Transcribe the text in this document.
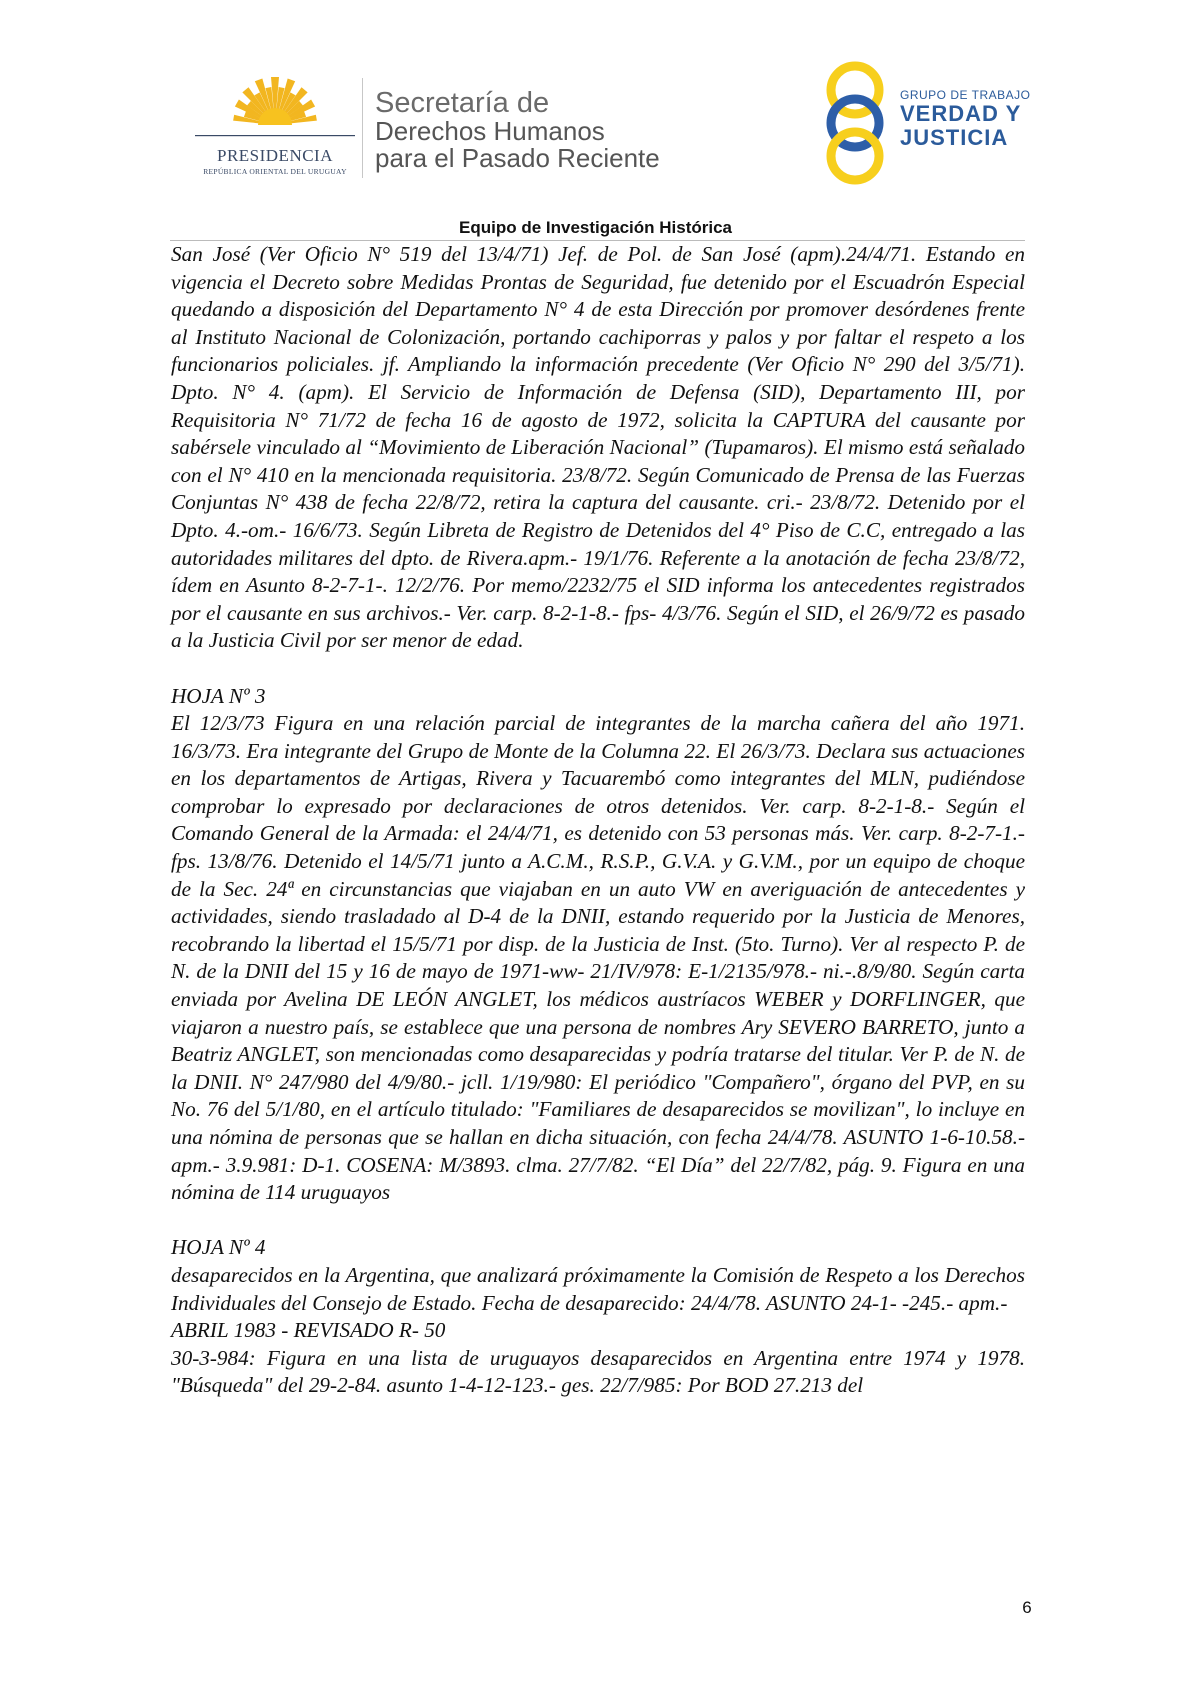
PRESIDENCIA
REPÚBLICA ORIENTAL DEL URUGUAY
Secretaría de
Derechos Humanos
para el Pasado Reciente
GRUPO DE TRABAJO
VERDAD Y
JUSTICIA
Equipo de Investigación Histórica

San José (Ver Oficio N° 519 del 13/4/71) Jef. de Pol. de San José (apm).24/4/71. Estando en vigencia el Decreto sobre Medidas Prontas de Seguridad, fue detenido por el Escuadrón Especial quedando a disposición del Departamento N° 4 de esta Dirección por promover desórdenes frente al Instituto Nacional de Colonización, portando cachiporras y palos y por faltar el respeto a los funcionarios policiales. jf. Ampliando la información precedente (Ver Oficio N° 290 del 3/5/71). Dpto. N° 4. (apm). El Servicio de Información de Defensa (SID), Departamento III, por Requisitoria N° 71/72 de fecha 16 de agosto de 1972, solicita la CAPTURA del causante por sabérsele vinculado al “Movimiento de Liberación Nacional” (Tupamaros). El mismo está señalado con el N° 410 en la mencionada requisitoria. 23/8/72. Según Comunicado de Prensa de las Fuerzas Conjuntas N° 438 de fecha 22/8/72, retira la captura del causante. cri.- 23/8/72. Detenido por el Dpto. 4.-om.- 16/6/73. Según Libreta de Registro de Detenidos del 4° Piso de C.C, entregado a las autoridades militares del dpto. de Rivera.apm.- 19/1/76. Referente a la anotación de fecha 23/8/72, ídem en Asunto 8-2-7-1-. 12/2/76. Por memo/2232/75 el SID informa los antecedentes registrados por el causante en sus archivos.- Ver. carp. 8-2-1-8.- fps- 4/3/76. Según el SID, el 26/9/72 es pasado a la Justicia Civil por ser menor de edad.

HOJA Nº 3

El 12/3/73 Figura en una relación parcial de integrantes de la marcha cañera del año 1971. 16/3/73. Era integrante del Grupo de Monte de la Columna 22. El 26/3/73. Declara sus actuaciones en los departamentos de Artigas, Rivera y Tacuarembó como integrantes del MLN, pudiéndose comprobar lo expresado por declaraciones de otros detenidos. Ver. carp. 8-2-1-8.- Según el Comando General de la Armada: el 24/4/71, es detenido con 53 personas más. Ver. carp. 8-2-7-1.- fps. 13/8/76. Detenido el 14/5/71 junto a A.C.M., R.S.P., G.V.A. y G.V.M., por un equipo de choque de la Sec. 24ª en circunstancias que viajaban en un auto VW en averiguación de antecedentes y actividades, siendo trasladado al D-4 de la DNII, estando requerido por la Justicia de Menores, recobrando la libertad el 15/5/71 por disp. de la Justicia de Inst. (5to. Turno). Ver al respecto P. de N. de la DNII del 15 y 16 de mayo de 1971-ww- 21/IV/978: E-1/2135/978.- ni.-.8/9/80. Según carta enviada por Avelina DE LEÓN ANGLET, los médicos austríacos WEBER y DORFLINGER, que viajaron a nuestro país, se establece que una persona de nombres Ary SEVERO BARRETO, junto a Beatriz ANGLET, son mencionadas como desaparecidas y podría tratarse del titular. Ver P. de N. de la DNII. N° 247/980 del 4/9/80.- jcll. 1/19/980: El periódico "Compañero", órgano del PVP, en su No. 76 del 5/1/80, en el artículo titulado: "Familiares de desaparecidos se movilizan", lo incluye en una nómina de personas que se hallan en dicha situación, con fecha 24/4/78. ASUNTO 1-6-10.58.- apm.- 3.9.981: D-1. COSENA: M/3893. clma. 27/7/82. “El Día” del 22/7/82, pág. 9. Figura en una nómina de 114 uruguayos

HOJA Nº 4

desaparecidos en la Argentina, que analizará próximamente la Comisión de Respeto a los Derechos Individuales del Consejo de Estado. Fecha de desaparecido: 24/4/78. ASUNTO 24-1- -245.- apm.-

ABRIL 1983 - REVISADO R- 50

30-3-984: Figura en una lista de uruguayos desaparecidos en Argentina entre 1974 y 1978. "Búsqueda" del 29-2-84. asunto 1-4-12-123.- ges. 22/7/985: Por BOD 27.213 del

6
